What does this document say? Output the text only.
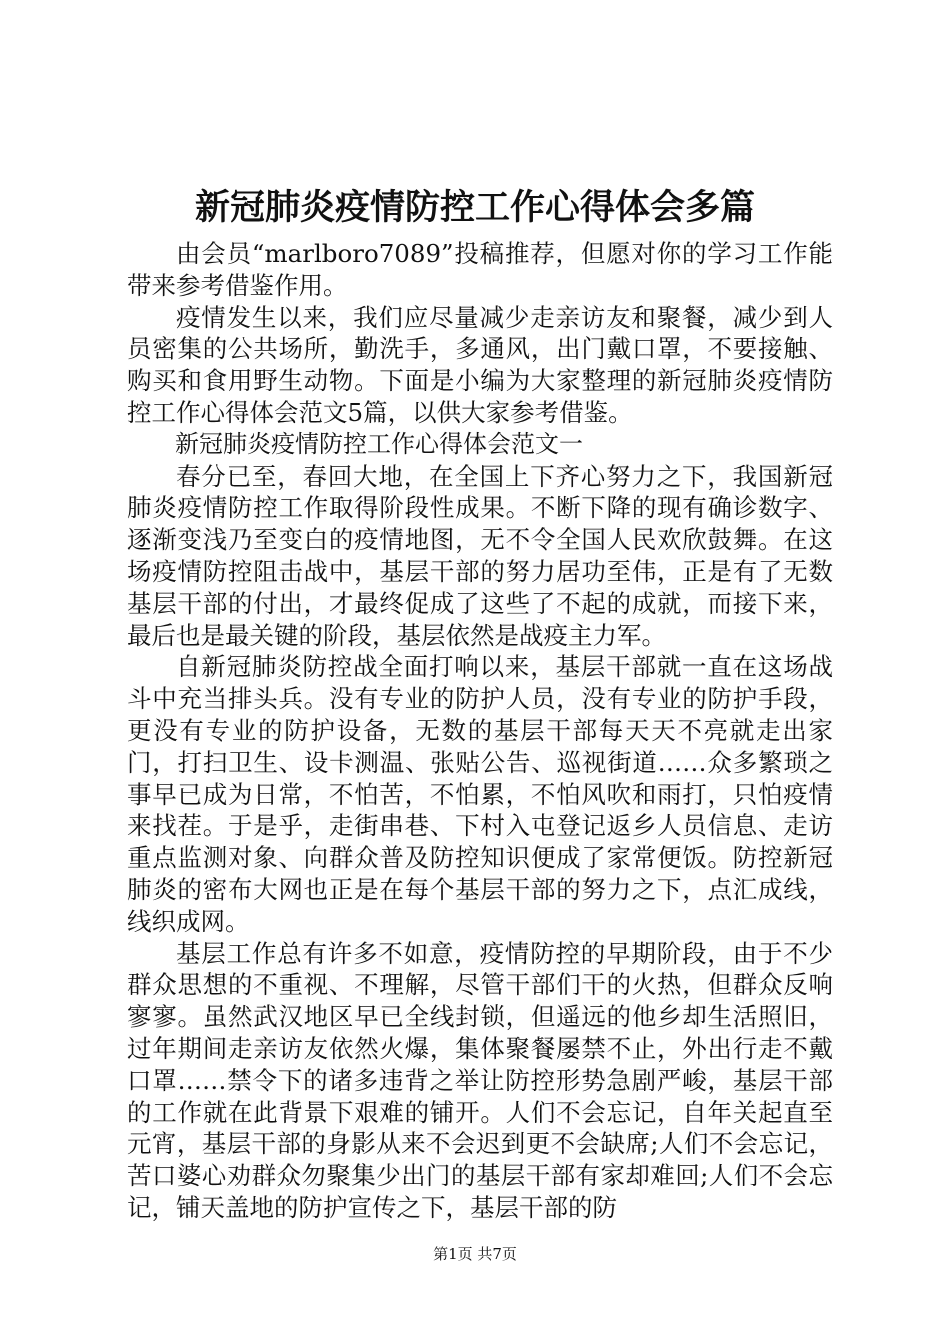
新冠肺炎疫情防控工作心得体会多篇

由会员“marlboro7089”投稿推荐，但愿对你的学习工作能带来参考借鉴作用。

疫情发生以来，我们应尽量减少走亲访友和聚餐，减少到人员密集的公共场所，勤洗手，多通风，出门戴口罩，不要接触、购买和食用野生动物。下面是小编为大家整理的新冠肺炎疫情防控工作心得体会范文5篇，以供大家参考借鉴。

新冠肺炎疫情防控工作心得体会范文一

春分已至，春回大地，在全国上下齐心努力之下，我国新冠肺炎疫情防控工作取得阶段性成果。不断下降的现有确诊数字、逐渐变浅乃至变白的疫情地图，无不令全国人民欢欣鼓舞。在这场疫情防控阻击战中，基层干部的努力居功至伟，正是有了无数基层干部的付出，才最终促成了这些了不起的成就，而接下来，最后也是最关键的阶段，基层依然是战疫主力军。

自新冠肺炎防控战全面打响以来，基层干部就一直在这场战斗中充当排头兵。没有专业的防护人员，没有专业的防护手段，更没有专业的防护设备，无数的基层干部每天天不亮就走出家门，打扫卫生、设卡测温、张贴公告、巡视街道……众多繁琐之事早已成为日常，不怕苦，不怕累，不怕风吹和雨打，只怕疫情来找茬。于是乎，走街串巷、下村入屯登记返乡人员信息、走访重点监测对象、向群众普及防控知识便成了家常便饭。防控新冠肺炎的密布大网也正是在每个基层干部的努力之下，点汇成线，线织成网。

基层工作总有许多不如意，疫情防控的早期阶段，由于不少群众思想的不重视、不理解，尽管干部们干的火热，但群众反响寥寥。虽然武汉地区早已全线封锁，但遥远的他乡却生活照旧，过年期间走亲访友依然火爆，集体聚餐屡禁不止，外出行走不戴口罩……禁令下的诸多违背之举让防控形势急剧严峻，基层干部的工作就在此背景下艰难的铺开。人们不会忘记，自年关起直至元宵，基层干部的身影从来不会迟到更不会缺席;人们不会忘记，苦口婆心劝群众勿聚集少出门的基层干部有家却难回;人们不会忘记，铺天盖地的防护宣传之下，基层干部的防

第1页 共7页
